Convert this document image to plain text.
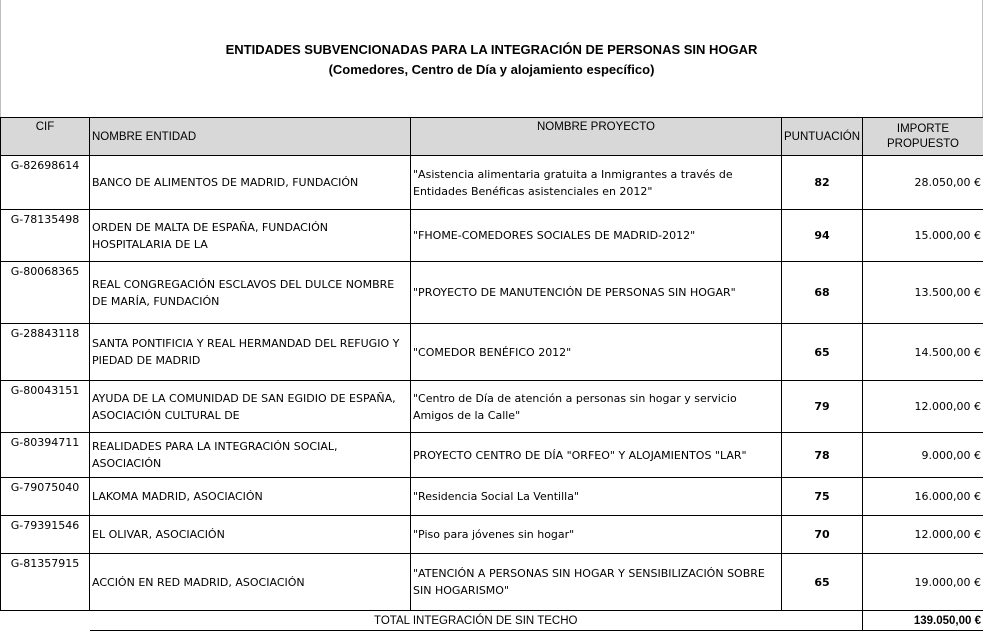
ENTIDADES SUBVENCIONADAS PARA LA INTEGRACIÓN DE PERSONAS SIN HOGAR
(Comedores, Centro de Día y alojamiento específico)
CIF	NOMBRE ENTIDAD	NOMBRE PROYECTO	PUNTUACIÓN	IMPORTE
PROPUESTO

G-82698614	BANCO DE ALIMENTOS DE MADRID, FUNDACIÓN	"Asistencia alimentaria gratuita a Inmigrantes a través de Entidades Benéficas asistenciales en 2012"	82	28.050,00 €
G-78135498	ORDEN DE MALTA DE ESPAÑA, FUNDACIÓN HOSPITALARIA DE LA	"FHOME-COMEDORES SOCIALES DE MADRID-2012"	94	15.000,00 €
G-80068365	REAL CONGREGACIÓN ESCLAVOS DEL DULCE NOMBRE DE MARÍA, FUNDACIÓN	"PROYECTO DE MANUTENCIÓN DE PERSONAS SIN HOGAR"	68	13.500,00 €
G-28843118	SANTA PONTIFICIA Y REAL HERMANDAD DEL REFUGIO Y PIEDAD DE MADRID	"COMEDOR BENÉFICO 2012"	65	14.500,00 €
G-80043151	AYUDA DE LA COMUNIDAD DE SAN EGIDIO DE ESPAÑA, ASOCIACIÓN CULTURAL DE	"Centro de Día de atención a personas sin hogar y servicio Amigos de la Calle"	79	12.000,00 €
G-80394711	REALIDADES PARA LA INTEGRACIÓN SOCIAL, ASOCIACIÓN	PROYECTO CENTRO DE DÍA "ORFEO" Y ALOJAMIENTOS "LAR"	78	9.000,00 €
G-79075040	LAKOMA MADRID, ASOCIACIÓN	"Residencia Social La Ventilla"	75	16.000,00 €
G-79391546	EL OLIVAR, ASOCIACIÓN	"Piso para jóvenes sin hogar"	70	12.000,00 €
G-81357915	ACCIÓN EN RED MADRID, ASOCIACIÓN	"ATENCIÓN A PERSONAS SIN HOGAR Y SENSIBILIZACIÓN SOBRE SIN HOGARISMO"	65	19.000,00 €
	TOTAL INTEGRACIÓN DE SIN TECHO			139.050,00 €
